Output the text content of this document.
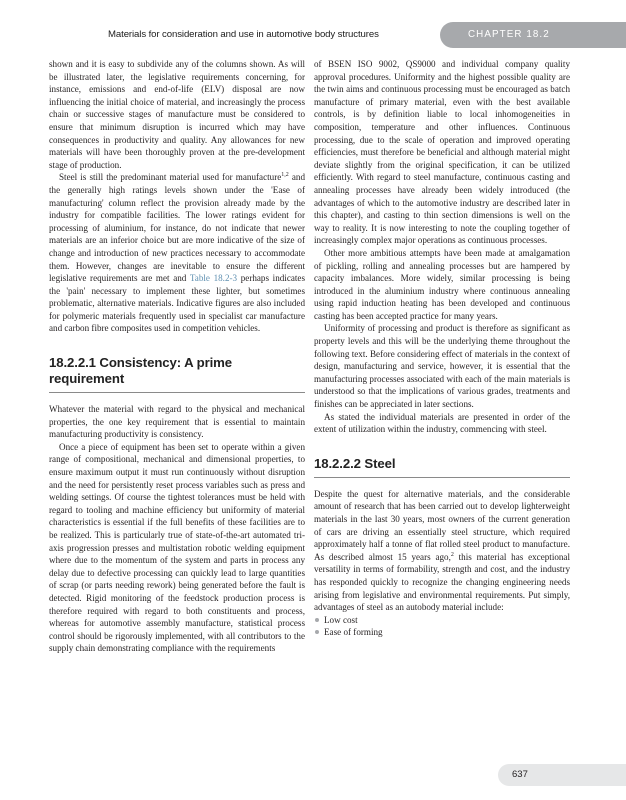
Materials for consideration and use in automotive body structures	CHAPTER 18.2

shown and it is easy to subdivide any of the columns shown. As will be illustrated later, the legislative requirements concerning, for instance, emissions and end-of-life (ELV) disposal are now influencing the initial choice of material, and increasingly the process chain or successive stages of manufacture must be considered to ensure that minimum disruption is incurred which may have consequences in productivity and quality. Any allowances for new materials will have been thoroughly proven at the pre-development stage of production.

Steel is still the predominant material used for manufacture$^{1,2}$ and the generally high ratings levels shown under the 'Ease of manufacturing' column reflect the provision already made by the industry for compatible facilities. The lower ratings evident for processing of aluminium, for instance, do not indicate that newer materials are an inferior choice but are more indicative of the size of change and introduction of new practices necessary to accommodate them. However, changes are inevitable to ensure the different legislative requirements are met and Table 18.2-3 perhaps indicates the 'pain' necessary to implement these lighter, but sometimes problematic, alternative materials. Indicative figures are also included for polymeric materials frequently used in specialist car manufacture and carbon fibre composites used in competition vehicles.

18.2.2.1 Consistency: A prime requirement

Whatever the material with regard to the physical and mechanical properties, the one key requirement that is essential to maintain manufacturing productivity is consistency.

Once a piece of equipment has been set to operate within a given range of compositional, mechanical and dimensional properties, to ensure maximum output it must run continuously without disruption and the need for persistently reset process variables such as press and welding settings. Of course the tightest tolerances must be held with regard to tooling and machine efficiency but uniformity of material characteristics is essential if the full benefits of these facilities are to be realized. This is particularly true of state-of-the-art automated tri-axis progression presses and multistation robotic welding equipment where due to the momentum of the system and parts in process any delay due to defective processing can quickly lead to large quantities of scrap (or parts needing rework) being generated before the fault is detected. Rigid monitoring of the feedstock production process is therefore required with regard to both constituents and process, whereas for automotive assembly manufacture, statistical process control should be rigorously implemented, with all contributors to the supply chain demonstrating compliance with the requirements

of BSEN ISO 9002, QS9000 and individual company quality approval procedures. Uniformity and the highest possible quality are the twin aims and continuous processing must be encouraged as batch manufacture of primary material, even with the best available controls, is by definition liable to local inhomogeneities in composition, temperature and other influences. Continuous processing, due to the scale of operation and improved operating efficiencies, must therefore be beneficial and although material might deviate slightly from the original specification, it can be utilized efficiently. With regard to steel manufacture, continuous casting and annealing processes have already been widely introduced (the advantages of which to the automotive industry are described later in this chapter), and casting to thin section dimensions is well on the way to reality. It is now interesting to note the coupling together of increasingly complex major operations as continuous processes.

Other more ambitious attempts have been made at amalgamation of pickling, rolling and annealing processes but are hampered by capacity imbalances. More widely, similar processing is being introduced in the aluminium industry where continuous annealing using rapid induction heating has been developed and continuous casting has been accepted practice for many years.

Uniformity of processing and product is therefore as significant as property levels and this will be the underlying theme throughout the following text. Before considering effect of materials in the context of design, manufacturing and service, however, it is essential that the manufacturing processes associated with each of the main materials is understood so that the implications of various grades, treatments and finishes can be appreciated in later sections.

As stated the individual materials are presented in order of the extent of utilization within the industry, commencing with steel.

18.2.2.2 Steel

Despite the quest for alternative materials, and the considerable amount of research that has been carried out to develop lighterweight materials in the last 30 years, most owners of the current generation of cars are driving an essentially steel structure, which required approximately half a tonne of flat rolled steel product to manufacture. As described almost 15 years ago,$^2$ this material has exceptional versatility in terms of formability, strength and cost, and the industry has responded quickly to recognize the changing engineering needs arising from legislative and environmental requirements. Put simply, advantages of steel as an autobody material include:

Low cost
Ease of forming
637
